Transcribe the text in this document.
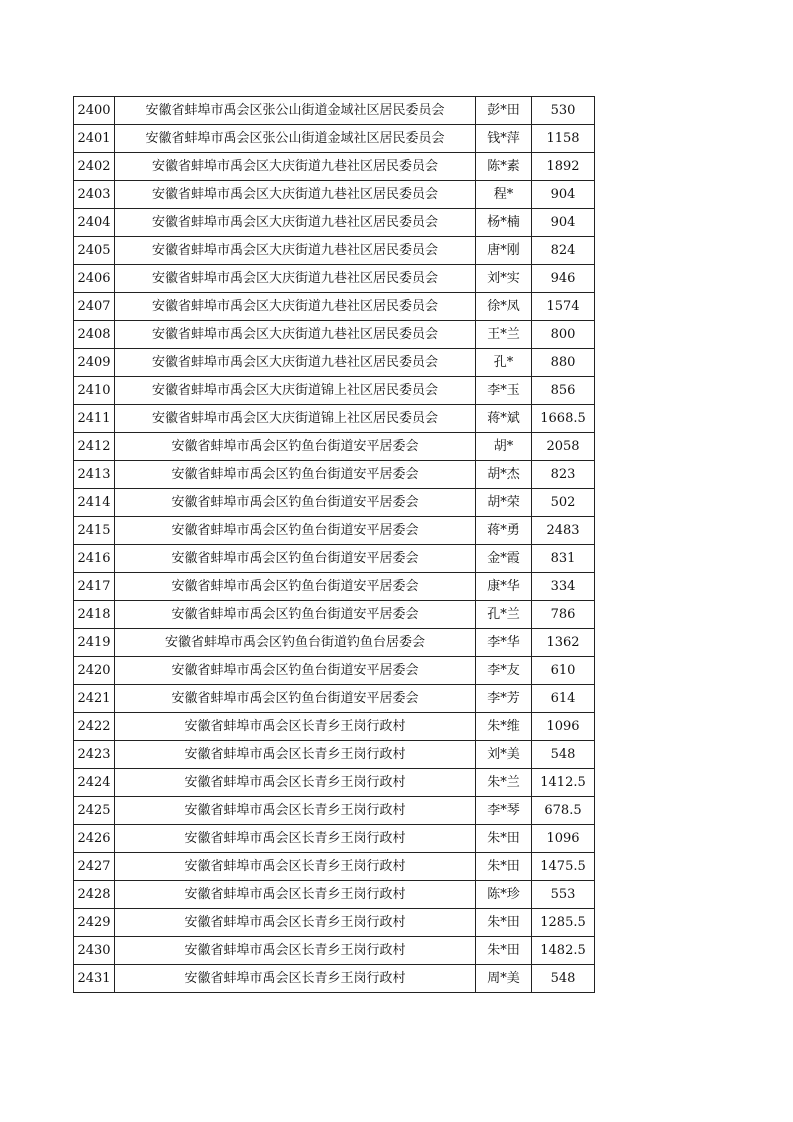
2400	安徽省蚌埠市禹会区张公山街道金域社区居民委员会	彭*田	530
2401	安徽省蚌埠市禹会区张公山街道金域社区居民委员会	钱*萍	1158
2402	安徽省蚌埠市禹会区大庆街道九巷社区居民委员会	陈*素	1892
2403	安徽省蚌埠市禹会区大庆街道九巷社区居民委员会	程*	904
2404	安徽省蚌埠市禹会区大庆街道九巷社区居民委员会	杨*楠	904
2405	安徽省蚌埠市禹会区大庆街道九巷社区居民委员会	唐*刚	824
2406	安徽省蚌埠市禹会区大庆街道九巷社区居民委员会	刘*实	946
2407	安徽省蚌埠市禹会区大庆街道九巷社区居民委员会	徐*凤	1574
2408	安徽省蚌埠市禹会区大庆街道九巷社区居民委员会	王*兰	800
2409	安徽省蚌埠市禹会区大庆街道九巷社区居民委员会	孔*	880
2410	安徽省蚌埠市禹会区大庆街道锦上社区居民委员会	李*玉	856
2411	安徽省蚌埠市禹会区大庆街道锦上社区居民委员会	蒋*斌	1668.5
2412	安徽省蚌埠市禹会区钓鱼台街道安平居委会	胡*	2058
2413	安徽省蚌埠市禹会区钓鱼台街道安平居委会	胡*杰	823
2414	安徽省蚌埠市禹会区钓鱼台街道安平居委会	胡*荣	502
2415	安徽省蚌埠市禹会区钓鱼台街道安平居委会	蒋*勇	2483
2416	安徽省蚌埠市禹会区钓鱼台街道安平居委会	金*霞	831
2417	安徽省蚌埠市禹会区钓鱼台街道安平居委会	康*华	334
2418	安徽省蚌埠市禹会区钓鱼台街道安平居委会	孔*兰	786
2419	安徽省蚌埠市禹会区钓鱼台街道钓鱼台居委会	李*华	1362
2420	安徽省蚌埠市禹会区钓鱼台街道安平居委会	李*友	610
2421	安徽省蚌埠市禹会区钓鱼台街道安平居委会	李*芳	614
2422	安徽省蚌埠市禹会区长青乡王岗行政村	朱*维	1096
2423	安徽省蚌埠市禹会区长青乡王岗行政村	刘*美	548
2424	安徽省蚌埠市禹会区长青乡王岗行政村	朱*兰	1412.5
2425	安徽省蚌埠市禹会区长青乡王岗行政村	李*琴	678.5
2426	安徽省蚌埠市禹会区长青乡王岗行政村	朱*田	1096
2427	安徽省蚌埠市禹会区长青乡王岗行政村	朱*田	1475.5
2428	安徽省蚌埠市禹会区长青乡王岗行政村	陈*珍	553
2429	安徽省蚌埠市禹会区长青乡王岗行政村	朱*田	1285.5
2430	安徽省蚌埠市禹会区长青乡王岗行政村	朱*田	1482.5
2431	安徽省蚌埠市禹会区长青乡王岗行政村	周*美	548
